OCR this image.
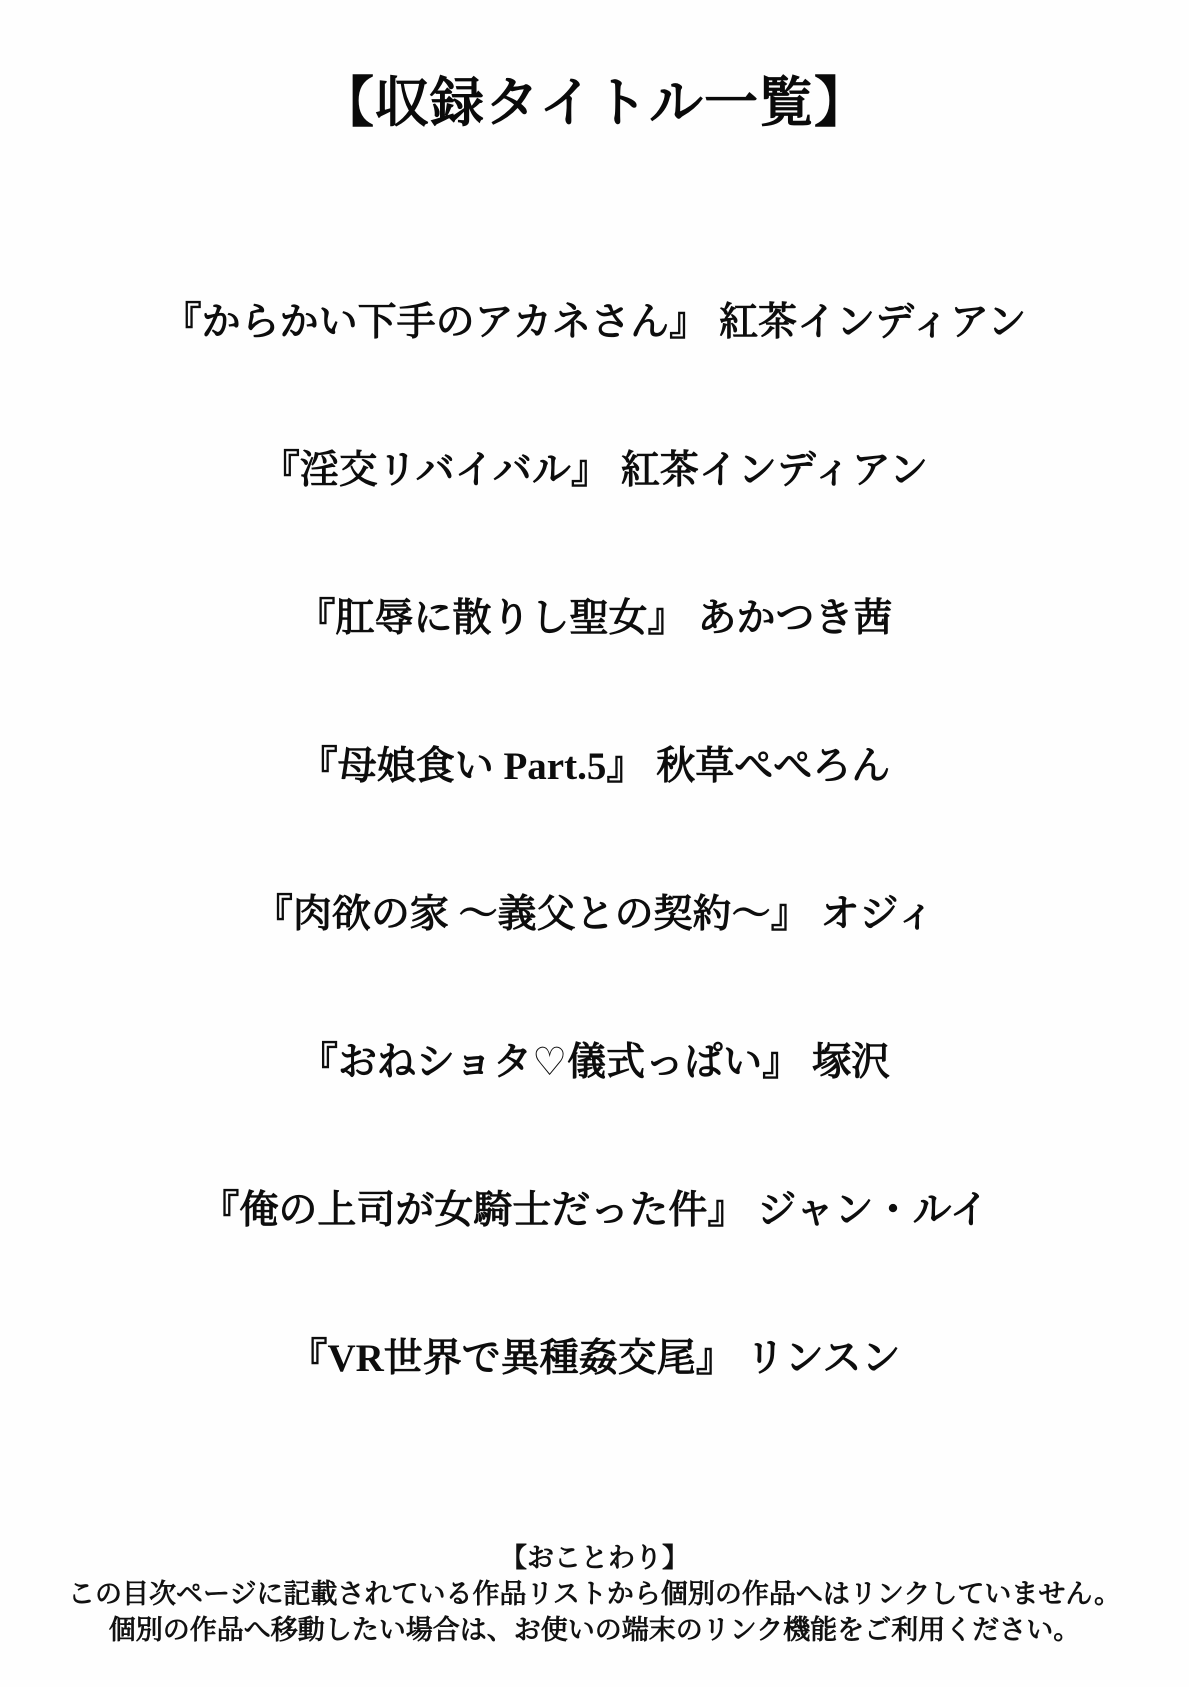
【収録タイトル一覧】
『からかい下手のアカネさん』 紅茶インディアン
『淫交リバイバル』 紅茶インディアン
『肛辱に散りし聖女』 あかつき茜
『母娘食い Part.5』 秋草ぺぺろん
『肉欲の家 ～義父との契約～』 オジィ
『おねショタ♡儀式っぱい』 塚沢
『俺の上司が女騎士だった件』 ジャン・ルイ
『VR世界で異種姦交尾』 リンスン
【おことわり】
この目次ページに記載されている作品リストから個別の作品へはリンクしていません。
個別の作品へ移動したい場合は、お使いの端末のリンク機能をご利用ください。
